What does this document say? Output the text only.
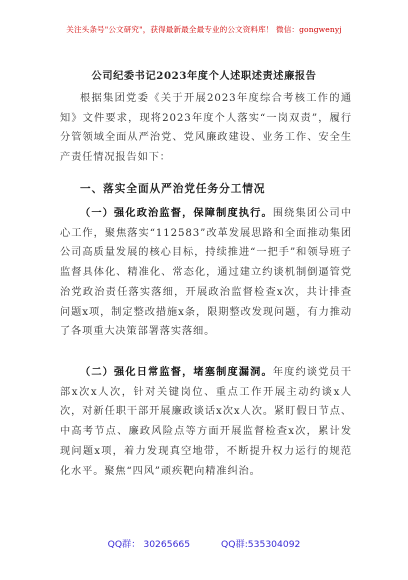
关注头条号"公文研究"，获得最新最全最专业的公文资料库！ 微信：gongwenyj
公司纪委书记2023年度个人述职述责述廉报告
根据集团党委《关于开展2023年度综合考核工作的通知》文件要求，现将2023年度个人落实“一岗双责”，履行分管领域全面从严治党、党风廉政建设、业务工作、安全生产责任情况报告如下：
一、落实全面从严治党任务分工情况
（一）强化政治监督，保障制度执行。围绕集团公司中心工作，聚焦落实“112583”改革发展思路和全面推动集团公司高质量发展的核心目标，持续推进“一把手”和领导班子监督具体化、精准化、常态化，通过建立约谈机制倒逼管党治党政治责任落实落细，开展政治监督检查x次，共计排查问题x项，制定整改措施x条，限期整改发现问题，有力推动了各项重大决策部署落实落细。
（二）强化日常监督，堵塞制度漏洞。年度约谈党员干部x次x人次，针对关键岗位、重点工作开展主动约谈x人次，对新任职干部开展廉政谈话x次x人次。紧盯假日节点、中高考节点、廉政风险点等方面开展监督检查x次，累计发现问题x项，着力发现真空地带，不断提升权力运行的规范化水平。聚焦“四风”顽疾靶向精准纠治。
QQ群： 30265665	QQ群:535304092
